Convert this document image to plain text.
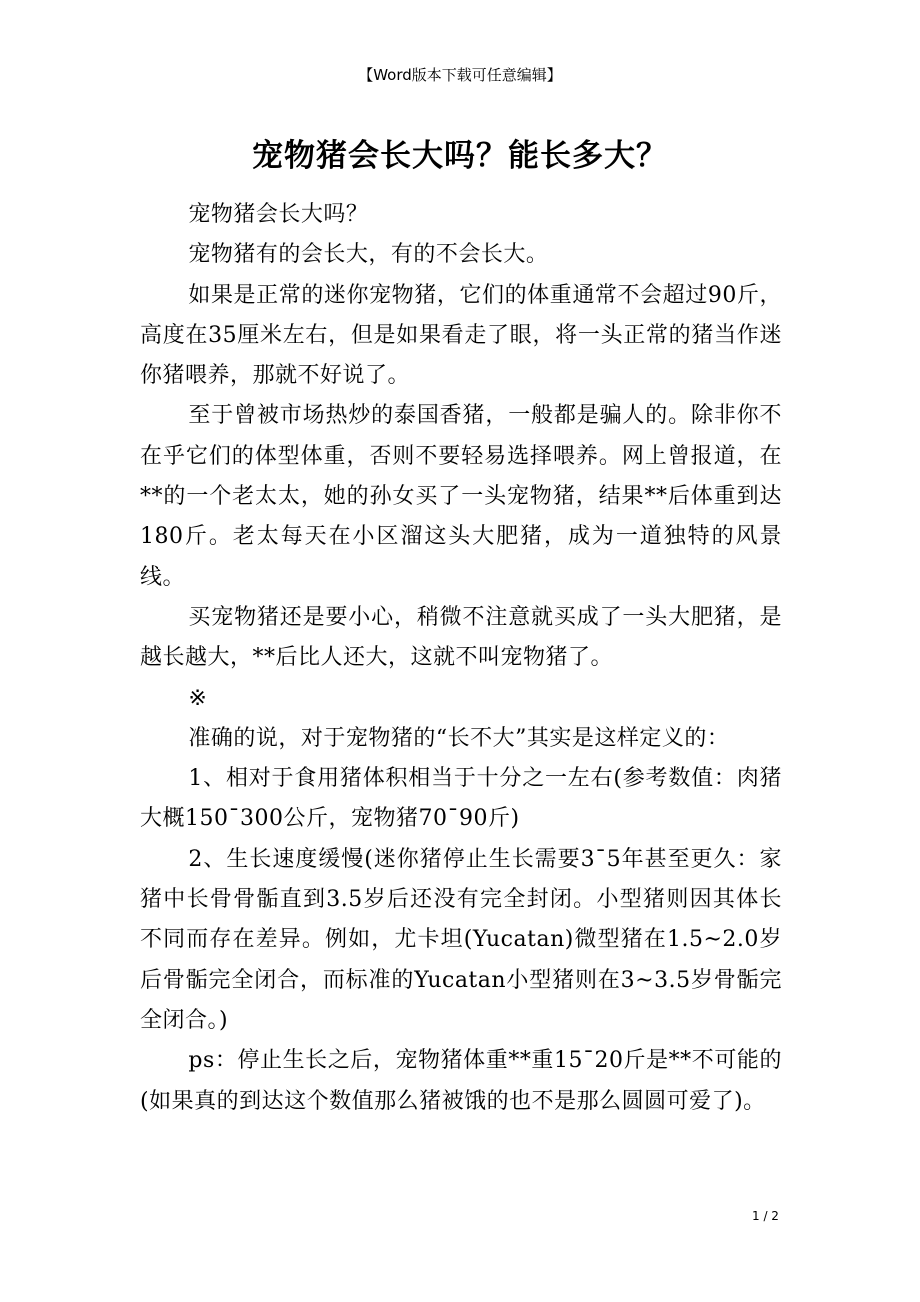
【Word版本下载可任意编辑】
宠物猪会长大吗？能长多大？

宠物猪会长大吗？

宠物猪有的会长大，有的不会长大。

如果是正常的迷你宠物猪，它们的体重通常不会超过90斤，高度在35厘米左右，但是如果看走了眼，将一头正常的猪当作迷你猪喂养，那就不好说了。

至于曾被市场热炒的泰国香猪，一般都是骗人的。除非你不在乎它们的体型体重，否则不要轻易选择喂养。网上曾报道，在**的一个老太太，她的孙女买了一头宠物猪，结果**后体重到达180斤。老太每天在小区溜这头大肥猪，成为一道独特的风景线。

买宠物猪还是要小心，稍微不注意就买成了一头大肥猪，是越长越大，**后比人还大，这就不叫宠物猪了。

※

准确的说，对于宠物猪的“长不大”其实是这样定义的：

1、相对于食用猪体积相当于十分之一左右(参考数值：肉猪大概150¯300公斤，宠物猪70¯90斤)

2、生长速度缓慢(迷你猪停止生长需要3¯5年甚至更久：家猪中长骨骨骺直到3.5岁后还没有完全封闭。小型猪则因其体长不同而存在差异。例如，尤卡坦(Yucatan)微型猪在1.5~2.0岁后骨骺完全闭合，而标准的Yucatan小型猪则在3~3.5岁骨骺完全闭合。)

ps：停止生长之后，宠物猪体重**重15¯20斤是**不可能的(如果真的到达这个数值那么猪被饿的也不是那么圆圆可爱了)。

1 / 2
